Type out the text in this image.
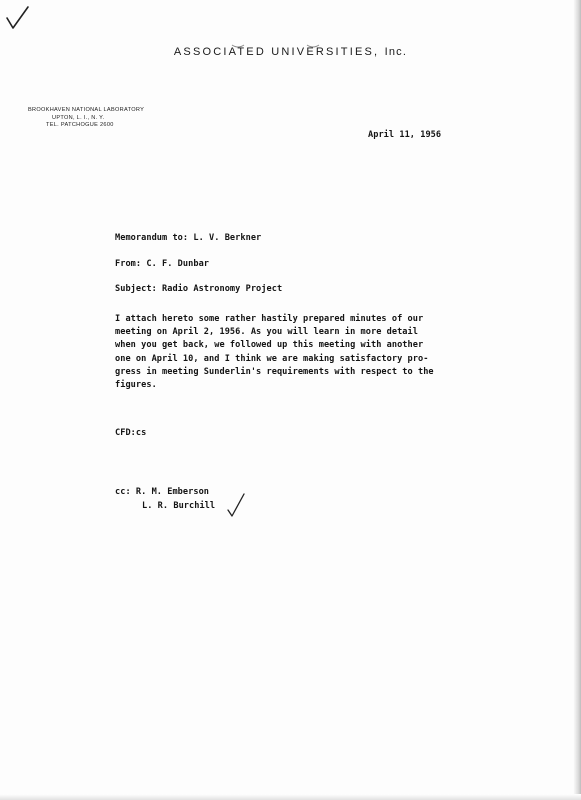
ASSOCIATED UNIVERSITIES, Inc.
BROOKHAVEN NATIONAL LABORATORY
UPTON, L. I., N. Y.
TEL. PATCHOGUE 2600
April 11, 1956
Memorandum to: L. V. Berkner
From: C. F. Dunbar
Subject: Radio Astronomy Project
I attach hereto some rather hastily prepared minutes of our
meeting on April 2, 1956. As you will learn in more detail
when you get back, we followed up this meeting with another
one on April 10, and I think we are making satisfactory pro-
gress in meeting Sunderlin's requirements with respect to the
figures.
CFD:cs
cc: R. M. Emberson
L. R. Burchill
